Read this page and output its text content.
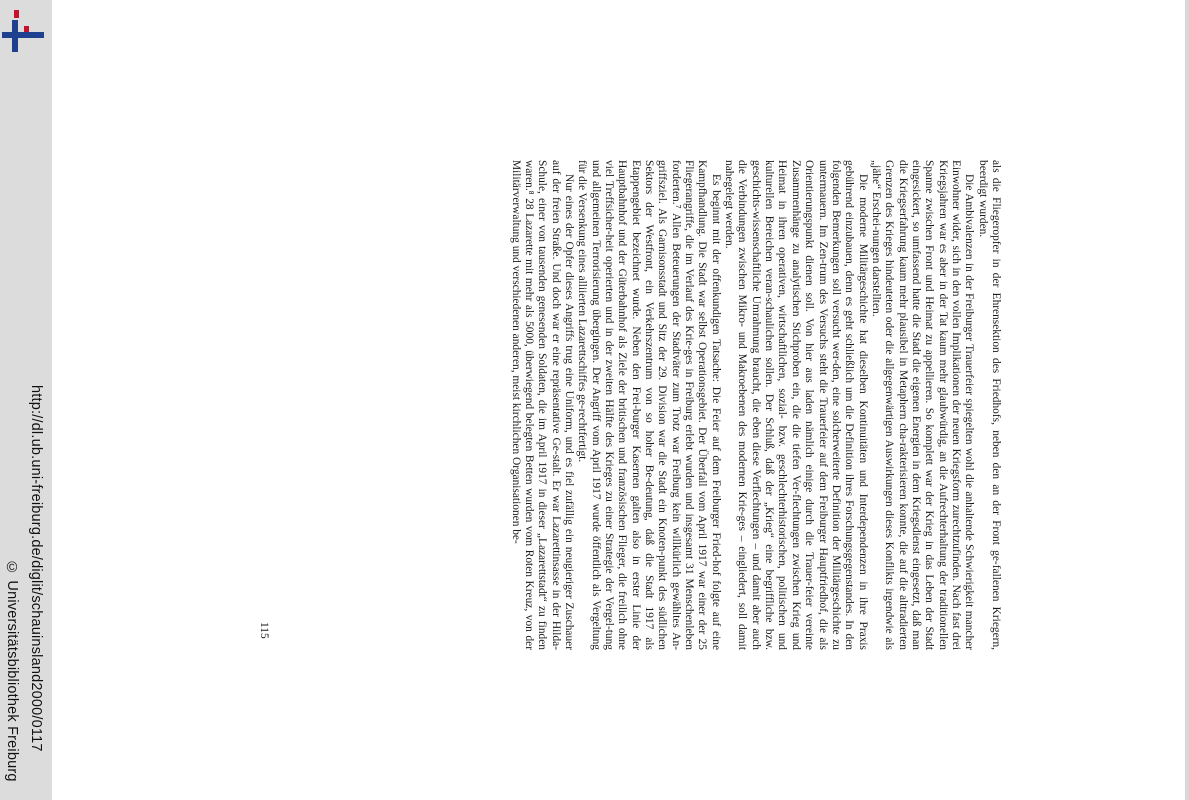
http://dl.ub.uni-freiburg.de/diglit/schauinsland2000/0117
© Universitätsbibliothek Freiburg

als die Fliegeropfer in der Ehrensektion des Friedhofs, neben den an der Front ge-fallenen Kriegern, beerdigt wurden.

Die Ambivalenzen in der Freiburger Trauerfeier spiegelten wohl die anhaltende Schwierigkeit mancher Einwohner wider, sich in den vollen Implikationen der neuen Kriegsform zurechtzufinden. Nach fast drei Kriegsjahren war es aber in der Tat kaum mehr glaubwürdig, an die Aufrechterhaltung der traditionellen Spanne zwischen Front und Heimat zu appellieren. So komplett war der Krieg in das Leben der Stadt eingesickert, so umfassend hatte die Stadt die eigenen Energien in dem Kriegsdienst eingesetzt, daß man die Kriegserfahrung kaum mehr plausibel in Metaphern cha-rakterisieren konnte, die auf die alttradierten Grenzen des Krieges hindeuteten oder die allgegenwärtigen Auswirkungen dieses Konflikts irgendwie als „jähe“ Erschei-nungen darstellten.

Die moderne Militärgeschichte hat dieselben Kontinuitäten und Interdependenzen in ihre Praxis gebührend einzubauen, denn es geht schließlich um die Definition ihres Forschungsgegenstandes. In den folgenden Bemerkungen soll versucht wer-den, eine solcherweiterte Definition der Militärgeschichte zu untermauern. Im Zen-trum des Versuchs steht die Trauerfeier auf dem Freiburger Hauptfriedhof, die als Orientierungspunkt dienen soll. Von hier aus laden nämlich einige durch die Trauer-feier vereinte Zusammenhänge zu analytischen Stichproben ein, die die tiefen Ver-flechtungen zwischen Krieg und Heimat in ihren operativen, wirtschaftlichen, sozial- bzw. geschlechterhistorischen, politischen und kulturellen Bereichen veran-schaulichen sollen. Der Schluß, daß der „Krieg“ eine begriffliche bzw. geschichts-wissenschaftliche Umrahmung braucht, die eben diese Verflechtungen – und damit aber auch die Verbindungen zwischen Mikro- und Makroebenen des modernen Krie-ges – eingliedert, soll damit nahegelegt werden.

Es beginnt mit der offenkundigen Tatsache: Die Feier auf dem Freiburger Fried-hof folgte auf eine Kampfhandlung. Die Stadt war selbst Operationsgebiet. Der Überfall vom April 1917 war einer der 25 Fliegerangriffe, die im Verlauf des Krie-ges in Freiburg erlebt wurden und insgesamt 31 Menschenleben forderten.⁷ Allen Beteuerungen der Stadtväter zum Trotz war Freiburg kein willkürlich gewähltes An-griffsziel. Als Garnisonsstadt und Sitz der 29. Division war die Stadt ein Knoten-punkt des südlichen Sektors der Westfront, ein Verkehrszentrum von so hoher Be-deutung, daß die Stadt 1917 als Etappengebiet bezeichnet wurde. Neben den Frei-burger Kasernen galten also in erster Linie der Hauptbahnhof und der Güterbahnhof als Ziele der britischen und französischen Flieger, die freilich ohne viel Treffsicher-heit operierten und in der zweiten Hälfte des Krieges zu einer Strategie der Vergel-tung und allgemeinen Terrorisierung übergingen. Der Angriff vom April 1917 wurde öffentlich als Vergeltung für die Versenkung eines alliierten Lazarettschiffes ge-rechtfertigt.

Nur eines der Opfer dieses Angriffs trug eine Uniform, und es fiel zufällig ein neugieriger Zuschauer auf der freien Straße. Und doch war er eine repräsentative Ge-stalt. Er war Lazarettinsasse in der Hilda-Schule, einer von tausenden genesenden Soldaten, die im April 1917 in dieser „Lazarettstadt“ zu finden waren.⁸ 28 Lazarette mit mehr als 5000, überwiegend belegten Betten wurden vom Roten Kreuz, von der Militärverwaltung und verschiedenen anderen, meist kirchlichen Organisationen be-

115
